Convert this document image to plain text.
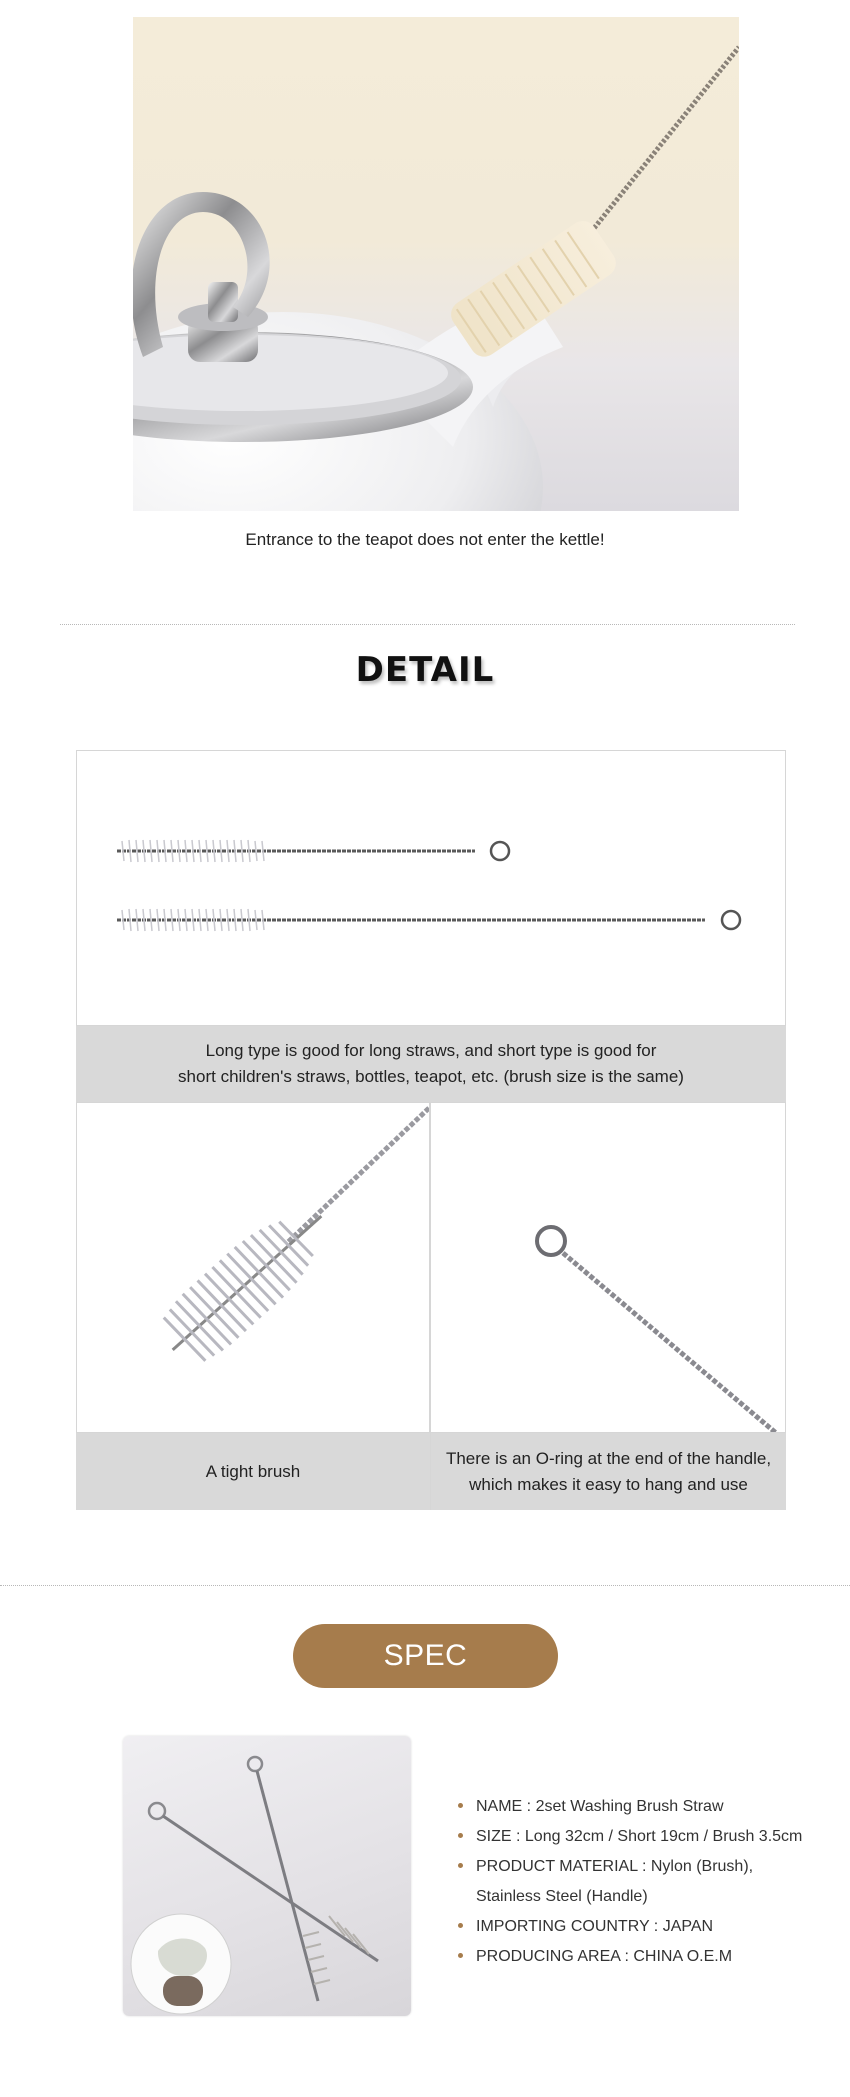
Entrance to the teapot does not enter the kettle!
DETAIL
Long type is good for long straws, and short type is good for
short children's straws, bottles, teapot, etc. (brush size is the same)
A tight brush
There is an O-ring at the end of the handle,
which makes it easy to hang and use
SPEC
NAME : 2set Washing Brush Straw
SIZE : Long 32cm / Short 19cm / Brush 3.5cm
PRODUCT MATERIAL : Nylon (Brush),
Stainless Steel (Handle)
IMPORTING COUNTRY : JAPAN
PRODUCING AREA : CHINA O.E.M
